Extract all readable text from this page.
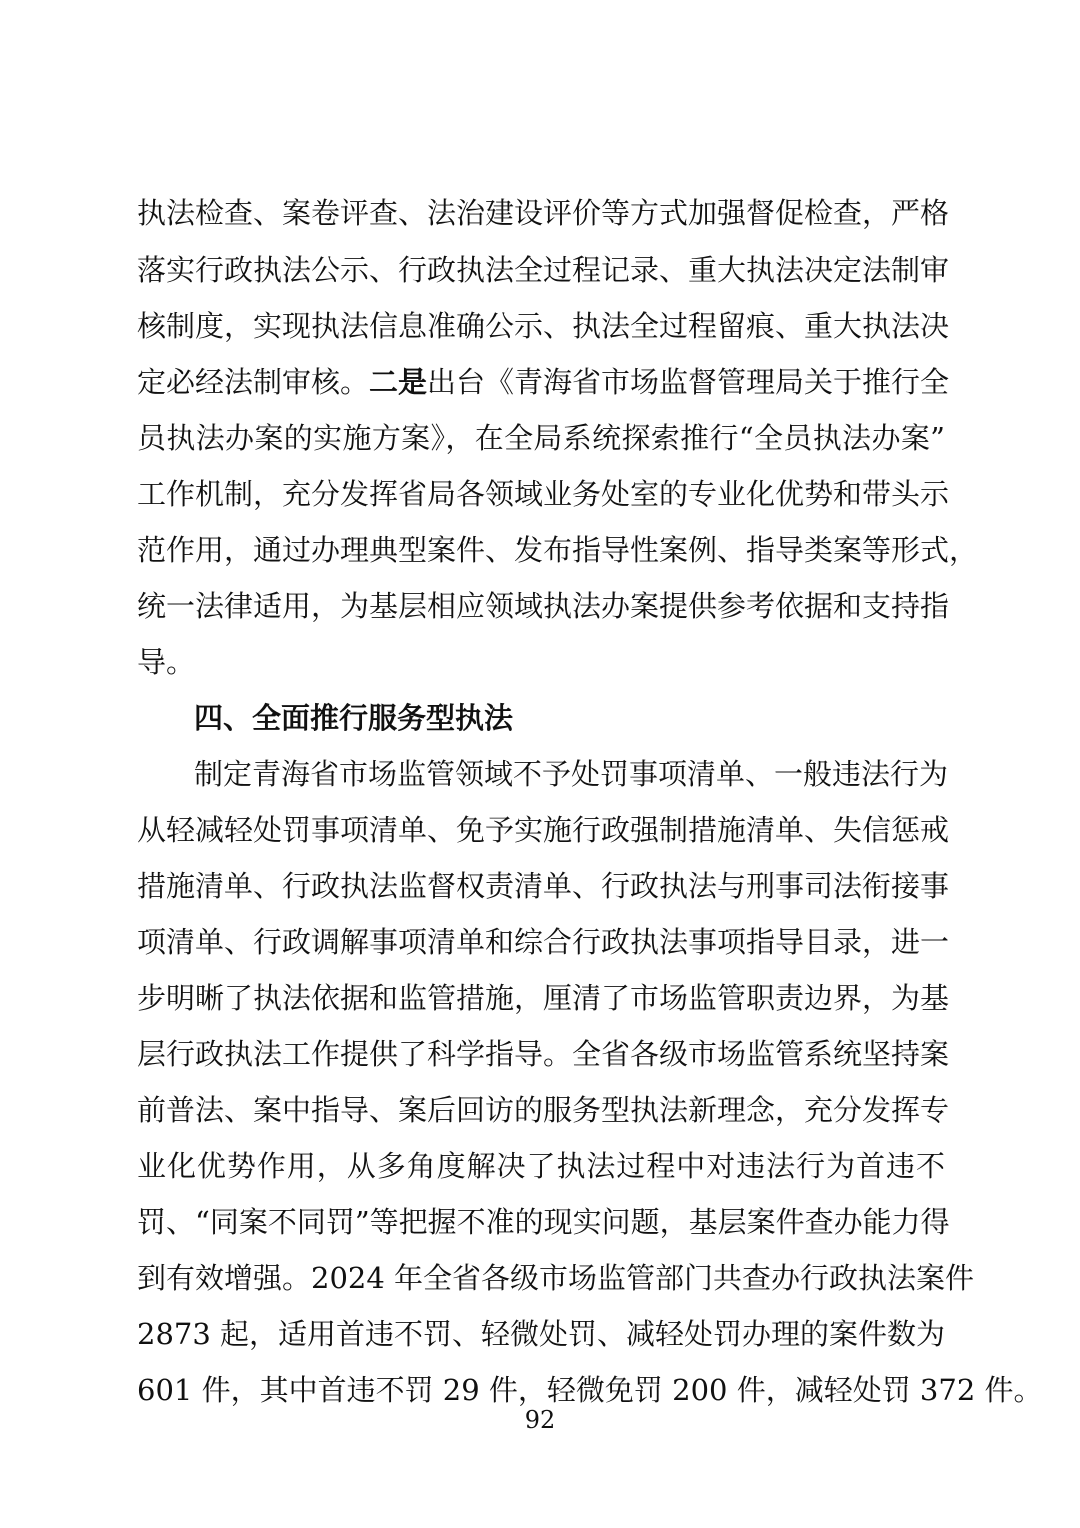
执法检查、案卷评查、法治建设评价等方式加强督促检查，严格
落实行政执法公示、行政执法全过程记录、重大执法决定法制审
核制度，实现执法信息准确公示、执法全过程留痕、重大执法决
定必经法制审核。二是出台《青海省市场监督管理局关于推行全
员执法办案的实施方案》，在全局系统探索推行“全员执法办案”
工作机制，充分发挥省局各领域业务处室的专业化优势和带头示
范作用，通过办理典型案件、发布指导性案例、指导类案等形式，
统一法律适用，为基层相应领域执法办案提供参考依据和支持指
导。
四、全面推行服务型执法
制定青海省市场监管领域不予处罚事项清单、一般违法行为
从轻减轻处罚事项清单、免予实施行政强制措施清单、失信惩戒
措施清单、行政执法监督权责清单、行政执法与刑事司法衔接事
项清单、行政调解事项清单和综合行政执法事项指导目录，进一
步明晰了执法依据和监管措施，厘清了市场监管职责边界，为基
层行政执法工作提供了科学指导。全省各级市场监管系统坚持案
前普法、案中指导、案后回访的服务型执法新理念，充分发挥专
业化优势作用，从多角度解决了执法过程中对违法行为首违不
罚、“同案不同罚”等把握不准的现实问题，基层案件查办能力得
到有效增强。2024 年全省各级市场监管部门共查办行政执法案件
2873 起，适用首违不罚、轻微处罚、减轻处罚办理的案件数为
601 件，其中首违不罚 29 件，轻微免罚 200 件，减轻处罚 372 件。
92
